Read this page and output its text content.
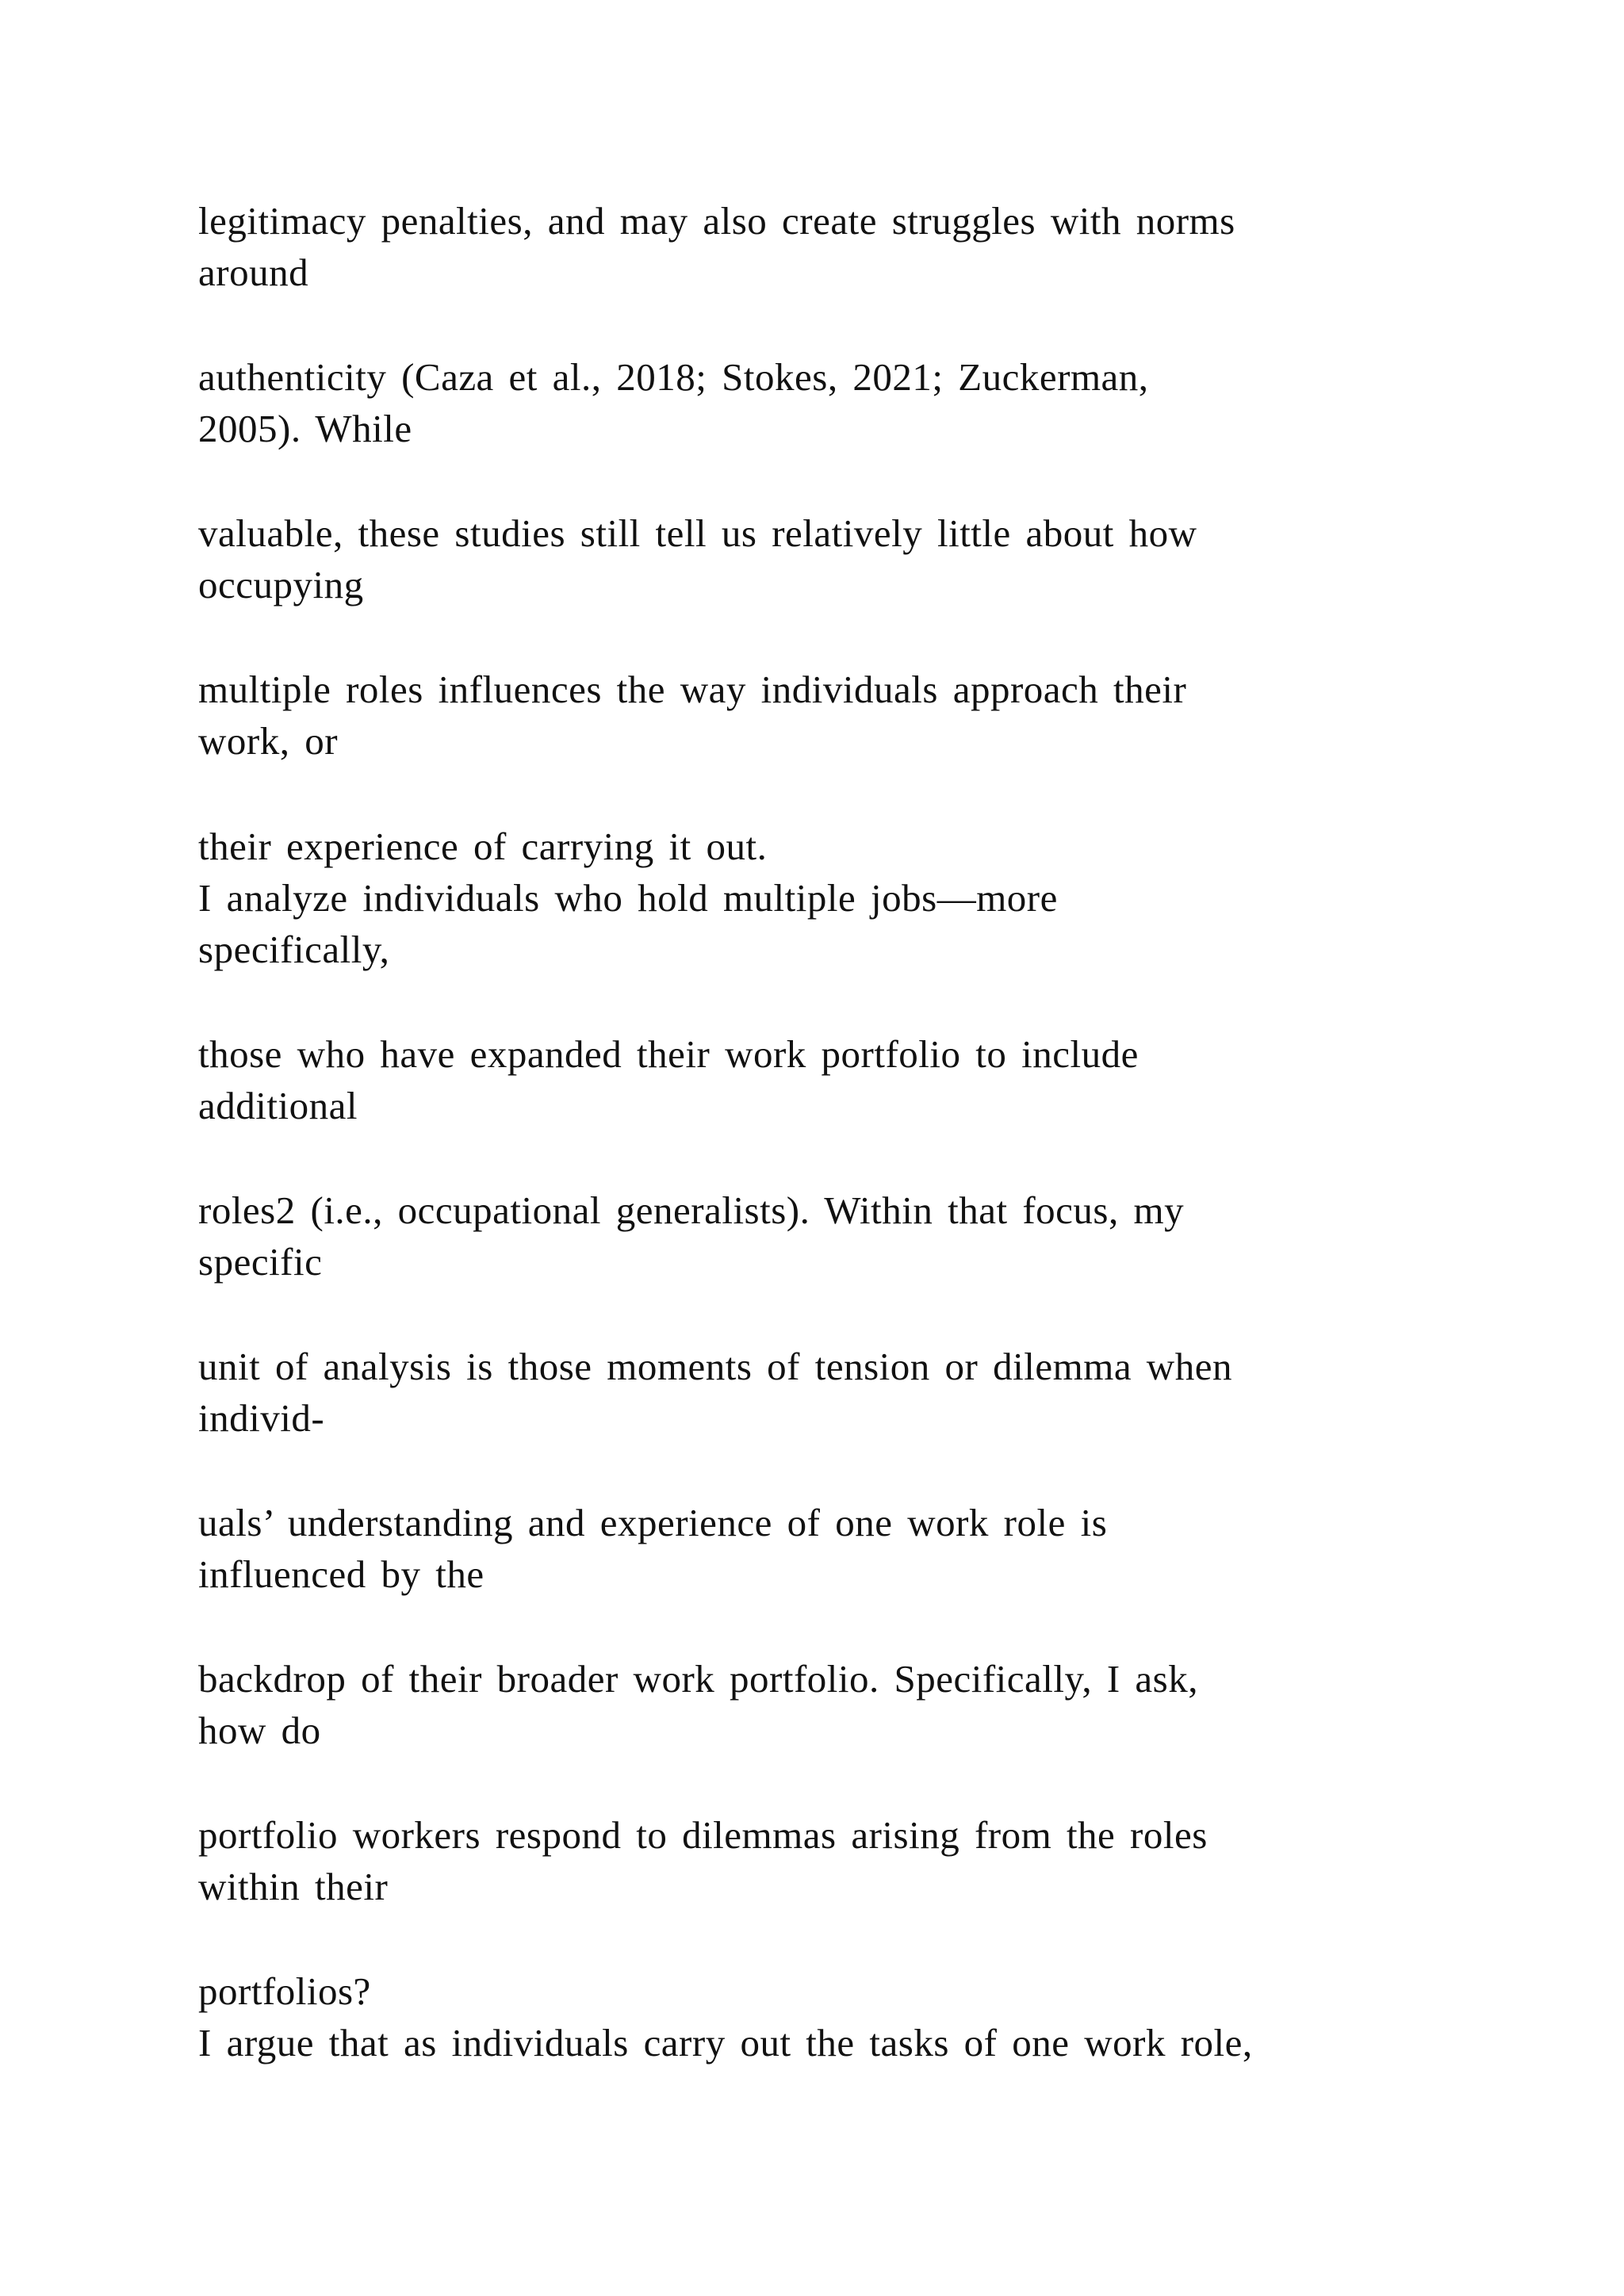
legitimacy penalties, and may also create struggles with norms
around
authenticity (Caza et al., 2018; Stokes, 2021; Zuckerman,
2005). While
valuable, these studies still tell us relatively little about how
occupying
multiple roles influences the way individuals approach their
work, or
their experience of carrying it out.
I analyze individuals who hold multiple jobs—more
specifically,
those who have expanded their work portfolio to include
additional
roles2 (i.e., occupational generalists). Within that focus, my
specific
unit of analysis is those moments of tension or dilemma when
individ-
uals’ understanding and experience of one work role is
influenced by the
backdrop of their broader work portfolio. Specifically, I ask,
how do
portfolio workers respond to dilemmas arising from the roles
within their
portfolios?
I argue that as individuals carry out the tasks of one work role,
